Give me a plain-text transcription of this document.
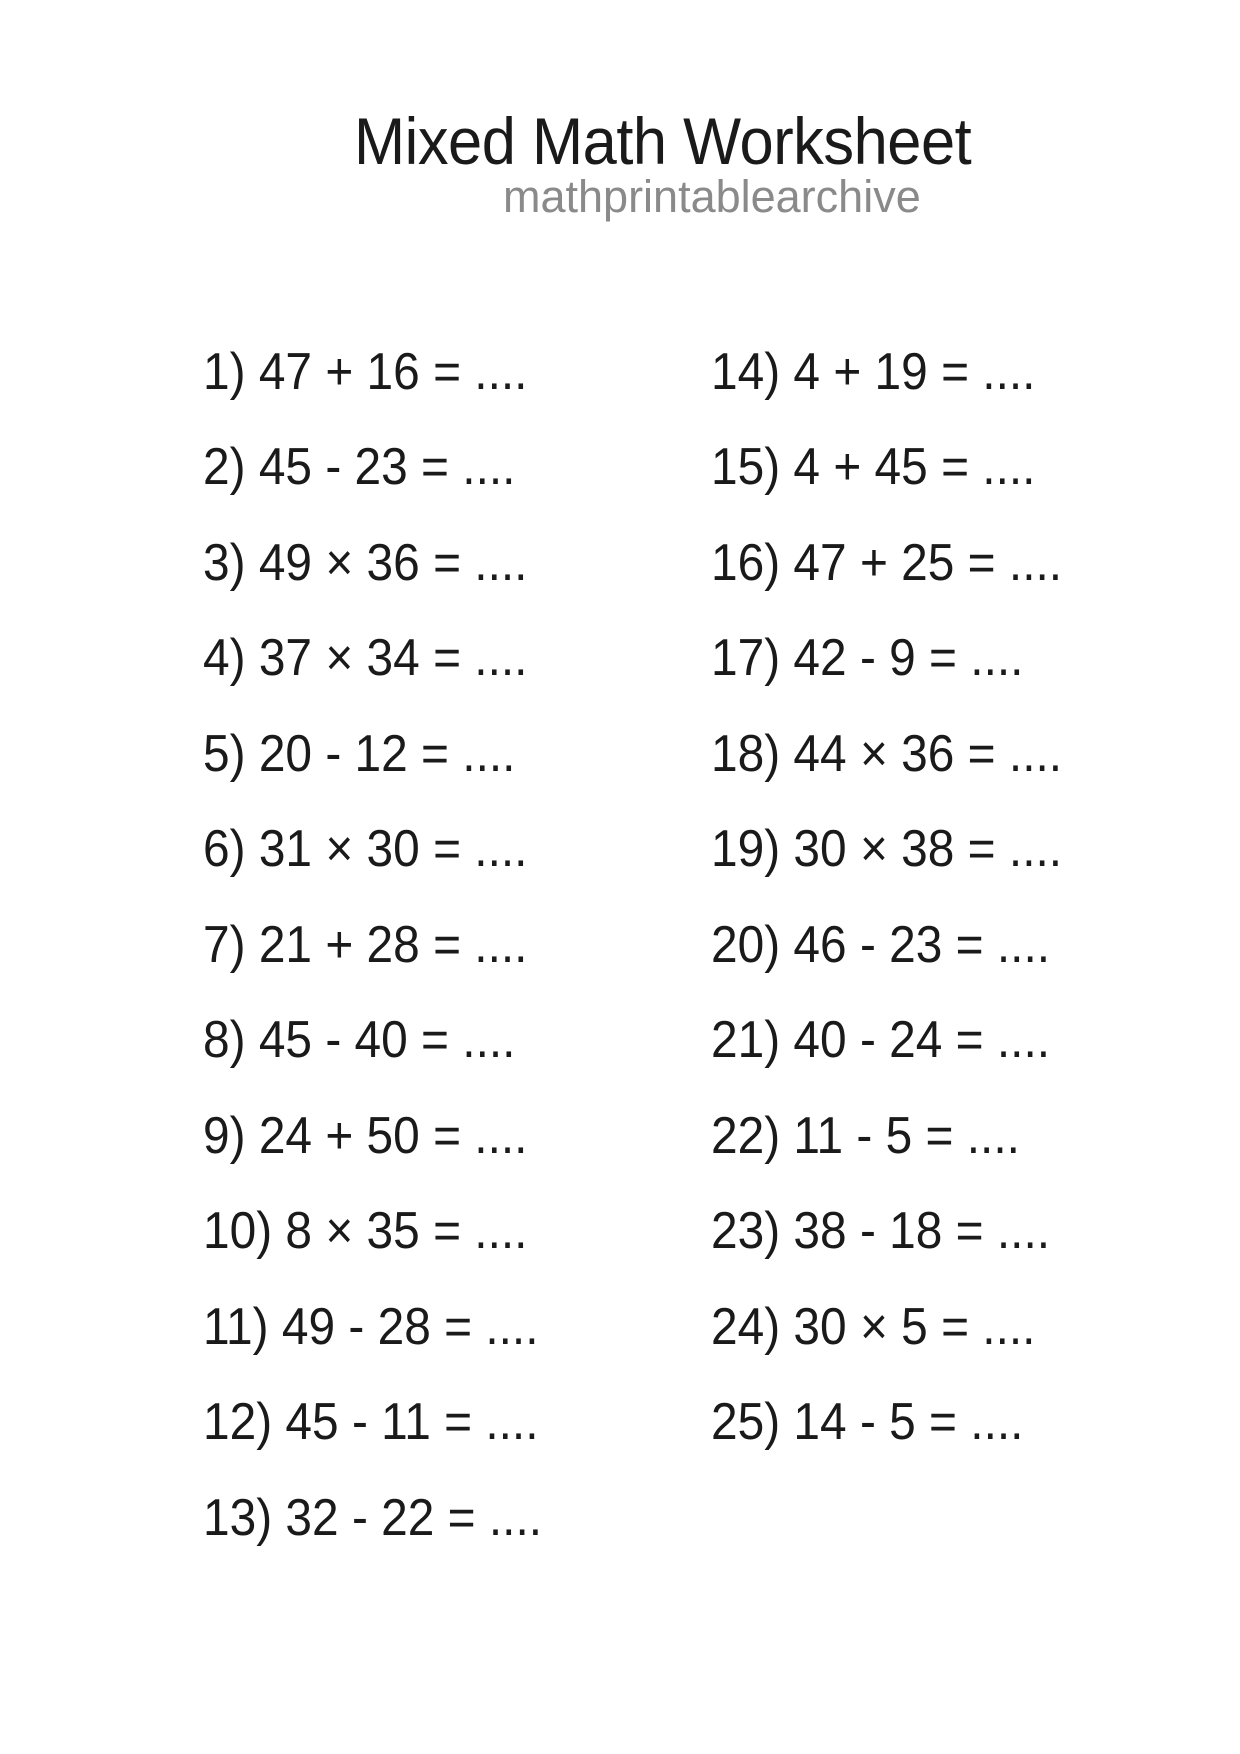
Mixed Math Worksheet
mathprintablearchive
1) 47 + 16 = ....
2) 45 - 23 = ....
3) 49 × 36 = ....
4) 37 × 34 = ....
5) 20 - 12 = ....
6) 31 × 30 = ....
7) 21 + 28 = ....
8) 45 - 40 = ....
9) 24 + 50 = ....
10) 8 × 35 = ....
11) 49 - 28 = ....
12) 45 - 11 = ....
13) 32 - 22 = ....
14) 4 + 19 = ....
15) 4 + 45 = ....
16) 47 + 25 = ....
17) 42 - 9 = ....
18) 44 × 36 = ....
19) 30 × 38 = ....
20) 46 - 23 = ....
21) 40 - 24 = ....
22) 11 - 5 = ....
23) 38 - 18 = ....
24) 30 × 5 = ....
25) 14 - 5 = ....
